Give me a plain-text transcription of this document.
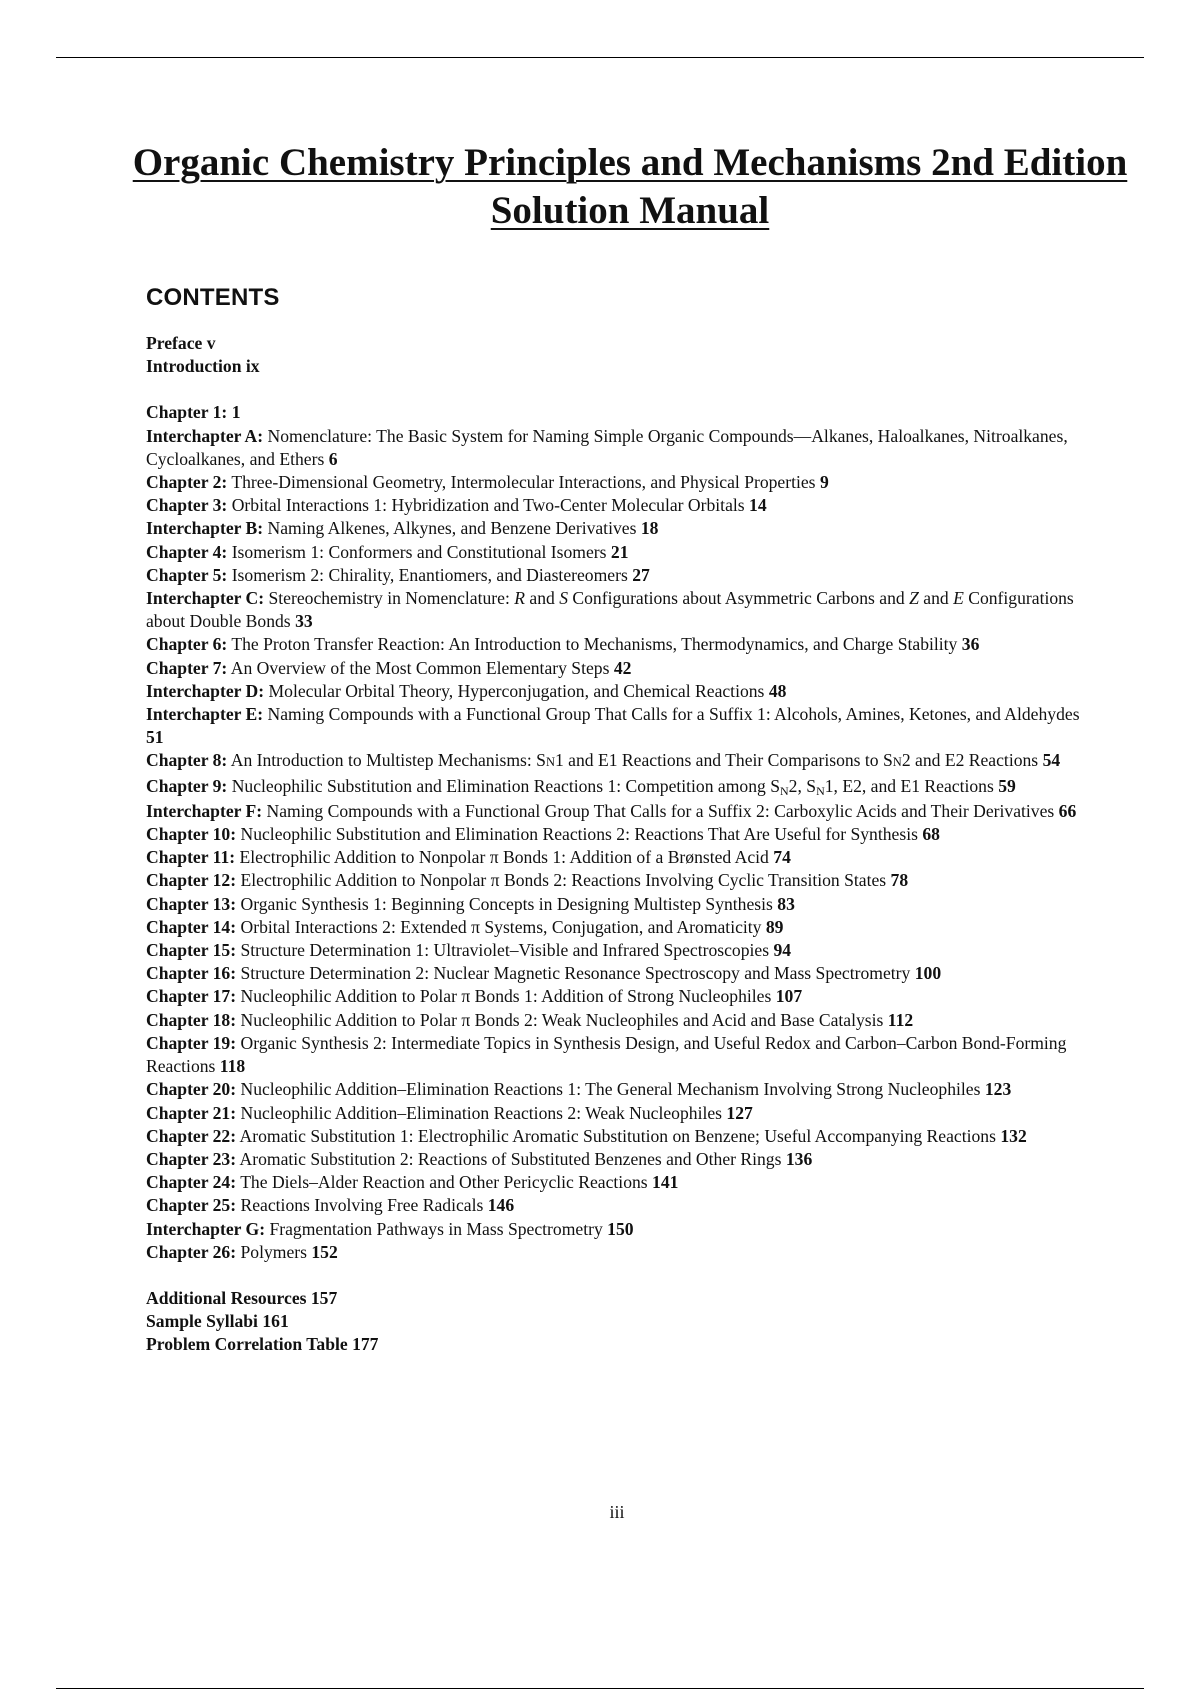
Organic Chemistry Principles and Mechanisms 2nd Edition
Solution Manual
CONTENTS
Preface v
Introduction ix
Chapter 1: 1
Interchapter A: Nomenclature: The Basic System for Naming Simple Organic Compounds—Alkanes, Haloalkanes, Nitroalkanes, Cycloalkanes, and Ethers 6
Chapter 2: Three-Dimensional Geometry, Intermolecular Interactions, and Physical Properties 9
Chapter 3: Orbital Interactions 1: Hybridization and Two-Center Molecular Orbitals 14
Interchapter B: Naming Alkenes, Alkynes, and Benzene Derivatives 18
Chapter 4: Isomerism 1: Conformers and Constitutional Isomers 21
Chapter 5: Isomerism 2: Chirality, Enantiomers, and Diastereomers 27
Interchapter C: Stereochemistry in Nomenclature: R and S Configurations about Asymmetric Carbons and Z and E Configurations about Double Bonds 33
Chapter 6: The Proton Transfer Reaction: An Introduction to Mechanisms, Thermodynamics, and Charge Stability 36
Chapter 7: An Overview of the Most Common Elementary Steps 42
Interchapter D: Molecular Orbital Theory, Hyperconjugation, and Chemical Reactions 48
Interchapter E: Naming Compounds with a Functional Group That Calls for a Suffix 1: Alcohols, Amines, Ketones, and Aldehydes 51
Chapter 8: An Introduction to Multistep Mechanisms: SN1 and E1 Reactions and Their Comparisons to SN2 and E2 Reactions 54
Chapter 9: Nucleophilic Substitution and Elimination Reactions 1: Competition among SN2, SN1, E2, and E1 Reactions 59
Interchapter F: Naming Compounds with a Functional Group That Calls for a Suffix 2: Carboxylic Acids and Their Derivatives 66
Chapter 10: Nucleophilic Substitution and Elimination Reactions 2: Reactions That Are Useful for Synthesis 68
Chapter 11: Electrophilic Addition to Nonpolar π Bonds 1: Addition of a Brønsted Acid 74
Chapter 12: Electrophilic Addition to Nonpolar π Bonds 2: Reactions Involving Cyclic Transition States 78
Chapter 13: Organic Synthesis 1: Beginning Concepts in Designing Multistep Synthesis 83
Chapter 14: Orbital Interactions 2: Extended π Systems, Conjugation, and Aromaticity 89
Chapter 15: Structure Determination 1: Ultraviolet–Visible and Infrared Spectroscopies 94
Chapter 16: Structure Determination 2: Nuclear Magnetic Resonance Spectroscopy and Mass Spectrometry 100
Chapter 17: Nucleophilic Addition to Polar π Bonds 1: Addition of Strong Nucleophiles 107
Chapter 18: Nucleophilic Addition to Polar π Bonds 2: Weak Nucleophiles and Acid and Base Catalysis 112
Chapter 19: Organic Synthesis 2: Intermediate Topics in Synthesis Design, and Useful Redox and Carbon–Carbon Bond-Forming Reactions 118
Chapter 20: Nucleophilic Addition–Elimination Reactions 1: The General Mechanism Involving Strong Nucleophiles 123
Chapter 21: Nucleophilic Addition–Elimination Reactions 2: Weak Nucleophiles 127
Chapter 22: Aromatic Substitution 1: Electrophilic Aromatic Substitution on Benzene; Useful Accompanying Reactions 132
Chapter 23: Aromatic Substitution 2: Reactions of Substituted Benzenes and Other Rings 136
Chapter 24: The Diels–Alder Reaction and Other Pericyclic Reactions 141
Chapter 25: Reactions Involving Free Radicals 146
Interchapter G: Fragmentation Pathways in Mass Spectrometry 150
Chapter 26: Polymers 152
Additional Resources 157
Sample Syllabi 161
Problem Correlation Table 177
iii
